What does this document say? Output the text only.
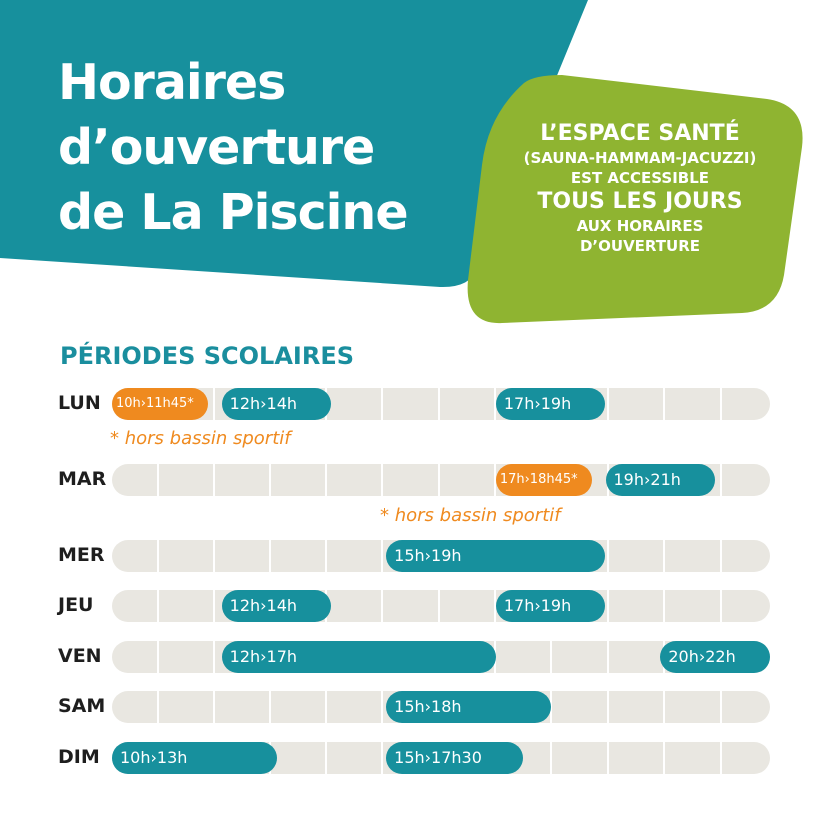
Horaires
d’ouverture
de La Piscine
L’ESPACE SANTÉ
(SAUNA-HAMMAM-JACUZZI)
EST ACCESSIBLE
TOUS LES JOURS
AUX HORAIRES
D’OUVERTURE
PÉRIODES SCOLAIRES
LUN	10h›11h45*	12h›14h	17h›19h
* hors bassin sportif
MAR	17h›18h45*	19h›21h
* hors bassin sportif
MER	15h›19h
JEU	12h›14h	17h›19h
VEN	12h›17h	20h›22h
SAM	15h›18h
DIM	10h›13h	15h›17h30
